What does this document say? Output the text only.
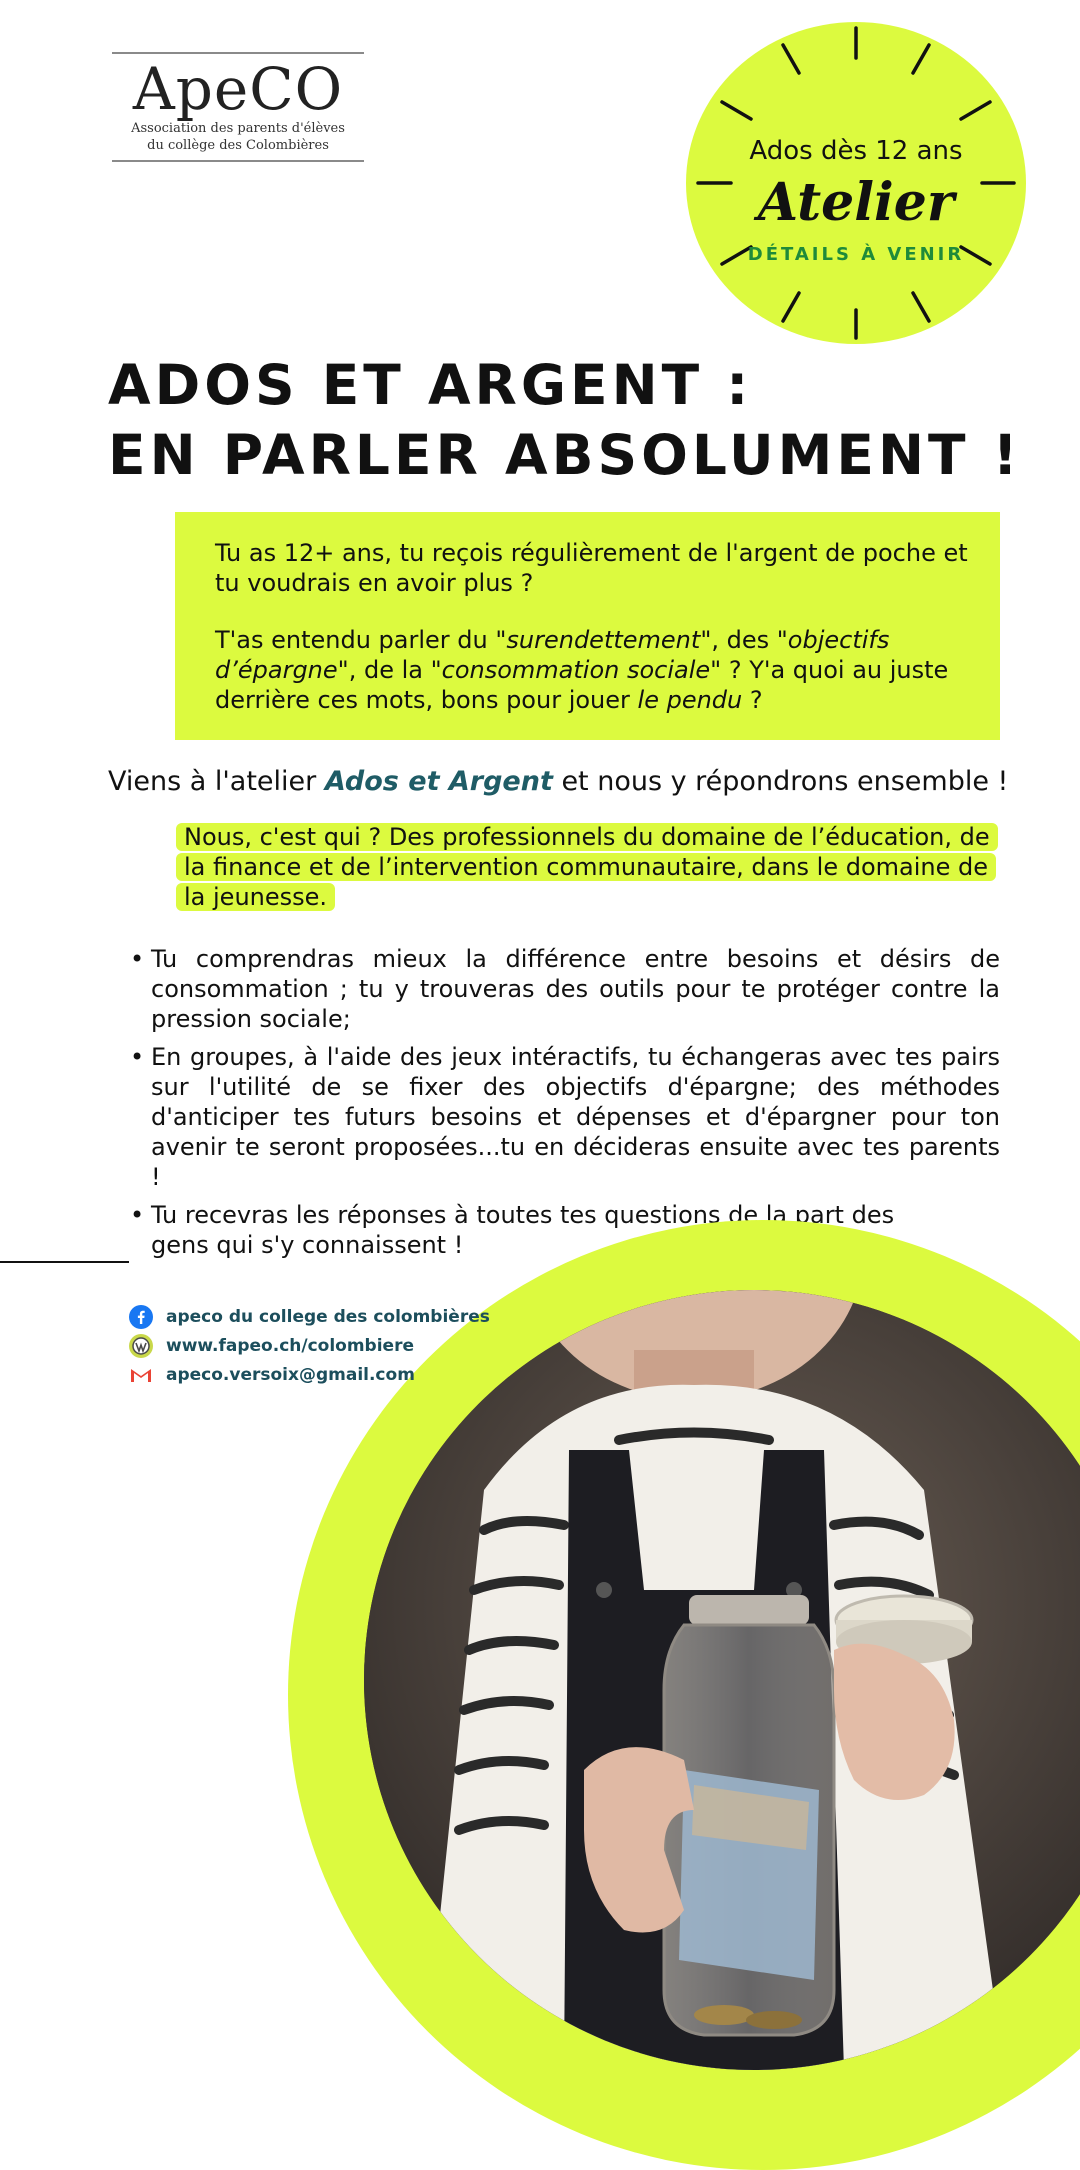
ApeCO
Association des parents d'élèves
du collège des Colombières	Ados dès 12 ans
Atelier
DÉTAILS À VENIR
ADOS ET ARGENT :
EN PARLER ABSOLUMENT !

Tu as 12+ ans, tu reçois régulièrement de l'argent de poche et tu voudrais en avoir plus ?

T'as entendu parler du "surendettement", des "objectifs d’épargne", de la "consommation sociale" ? Y'a quoi au juste derrière ces mots, bons pour jouer le pendu ?

Viens à l'atelier Ados et Argent et nous y répondrons ensemble !
Nous, c'est qui ? Des professionnels du domaine de l’éducation, de la finance et de l’intervention communautaire, dans le domaine de la jeunesse.
• Tu comprendras mieux la différence entre besoins et désirs de consommation ; tu y trouveras des outils pour te protéger contre la pression sociale;
• En groupes, à l'aide des jeux intéractifs, tu échangeras avec tes pairs sur l'utilité de se fixer des objectifs d'épargne; des méthodes d'anticiper tes futurs besoins et dépenses et d'épargner pour ton avenir te seront proposées...tu en décideras ensuite avec tes parents !
• Tu recevras les réponses à toutes tes questions de la part des gens qui s'y connaissent !
apeco du college des colombières
www.fapeo.ch/colombiere
apeco.versoix@gmail.com
